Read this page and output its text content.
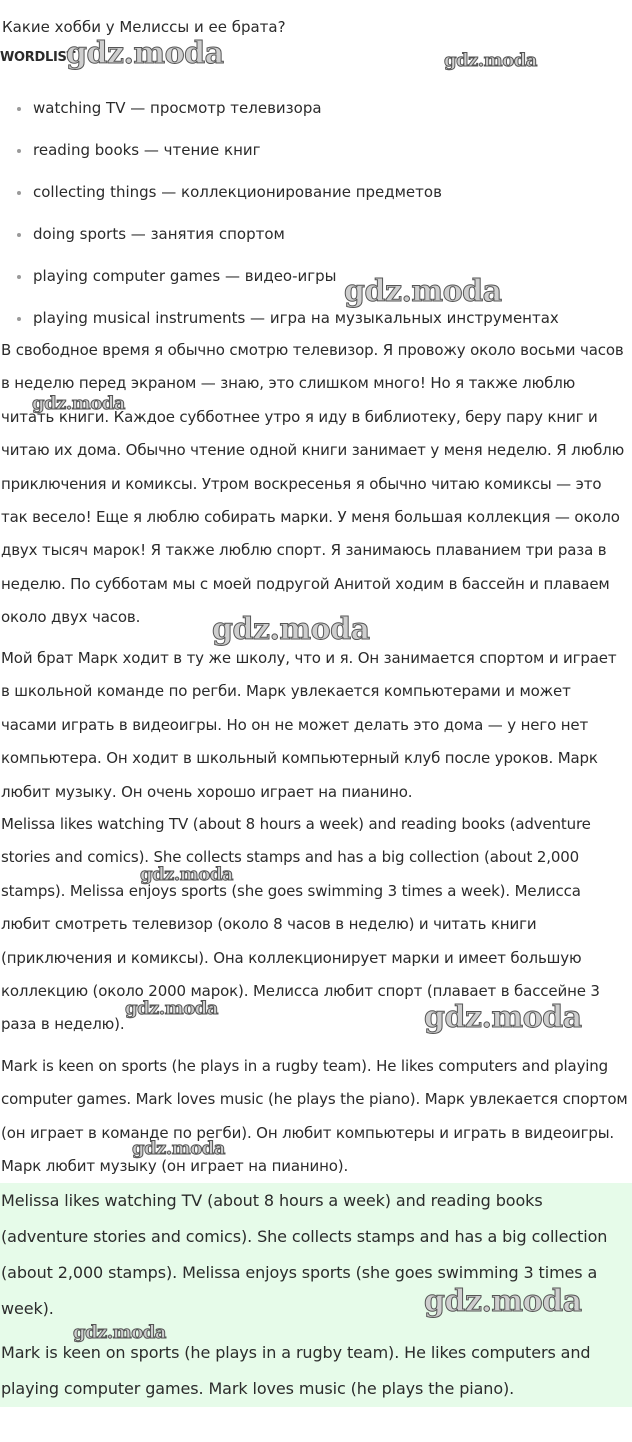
Какие хобби у Мелиссы и ее брата?

WORDLIST

watching TV — просмотр телевизора
reading books — чтение книг
collecting things — коллекционирование предметов
doing sports — занятия спортом
playing computer games — видео-игры
playing musical instruments — игра на музыкальных инструментах

В свободное время я обычно смотрю телевизор. Я провожу около восьми часов в неделю перед экраном — знаю, это слишком много! Но я также люблю читать книги. Каждое субботнее утро я иду в библиотеку, беру пару книг и читаю их дома. Обычно чтение одной книги занимает у меня неделю. Я люблю приключения и комиксы. Утром воскресенья я обычно читаю комиксы — это так весело! Еще я люблю собирать марки. У меня большая коллекция — около двух тысяч марок! Я также люблю спорт. Я занимаюсь плаванием три раза в неделю. По субботам мы с моей подругой Анитой ходим в бассейн и плаваем около двух часов.

Мой брат Марк ходит в ту же школу, что и я. Он занимается спортом и играет в школьной команде по регби. Марк увлекается компьютерами и может часами играть в видеоигры. Но он не может делать это дома — у него нет компьютера. Он ходит в школьный компьютерный клуб после уроков. Марк любит музыку. Он очень хорошо играет на пианино.

Melissa likes watching TV (about 8 hours a week) and reading books (adventure stories and comics). She collects stamps and has a big collection (about 2,000 stamps). Melissa enjoys sports (she goes swimming 3 times a week). Мелисса любит смотреть телевизор (около 8 часов в неделю) и читать книги (приключения и комиксы). Она коллекционирует марки и имеет большую коллекцию (около 2000 марок). Мелисса любит спорт (плавает в бассейне 3 раза в неделю).

Mark is keen on sports (he plays in a rugby team). He likes computers and playing computer games. Mark loves music (he plays the piano). Марк увлекается спортом (он играет в команде по регби). Он любит компьютеры и играть в видеоигры. Марк любит музыку (он играет на пианино).

Melissa likes watching TV (about 8 hours a week) and reading books (adventure stories and comics). She collects stamps and has a big collection (about 2,000 stamps). Melissa enjoys sports (she goes swimming 3 times a week).

Mark is keen on sports (he plays in a rugby team). He likes computers and playing computer games. Mark loves music (he plays the piano).

gdz.moda	gdz.moda
gdz.moda
gdz.moda
gdz.moda
gdz.moda
gdz.moda	gdz.moda
gdz.moda
gdz.moda
gdz.moda
